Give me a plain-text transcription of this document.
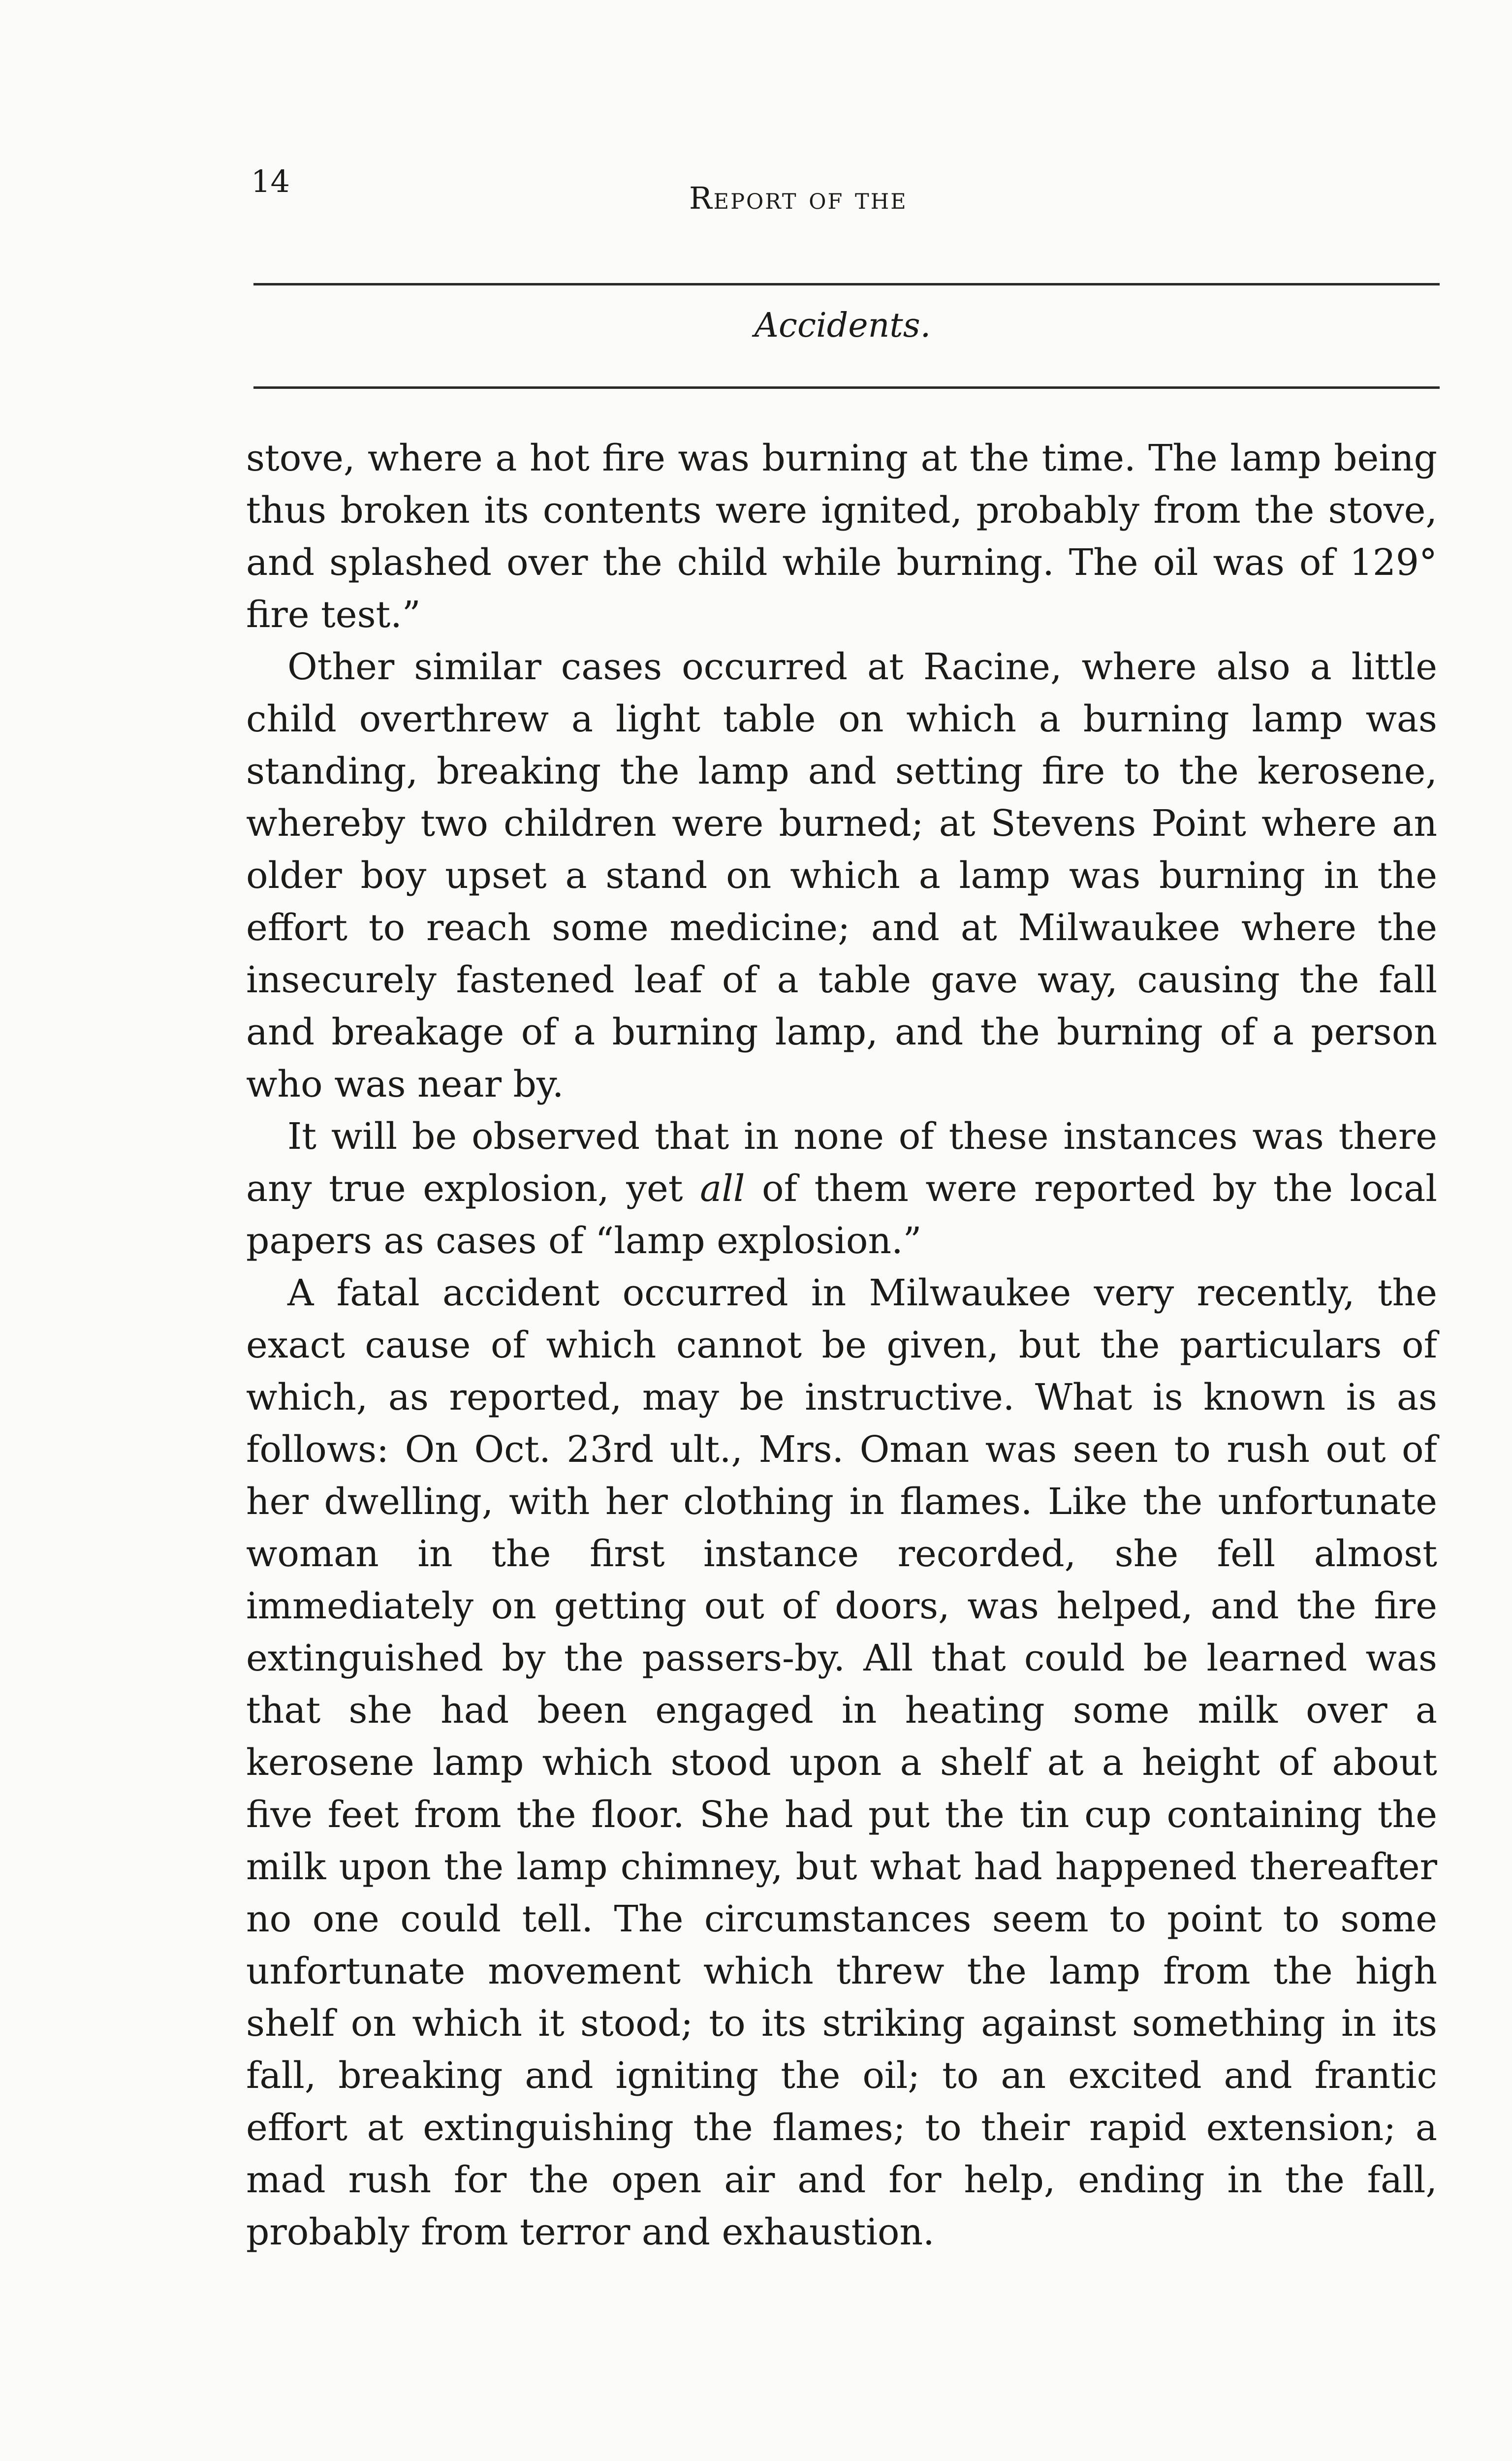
14	Report of the
Accidents.

stove, where a hot fire was burning at the time. The lamp being thus broken its contents were ignited, probably from the stove, and splashed over the child while burning. The oil was of 129° fire test.”

Other similar cases occurred at Racine, where also a little child overthrew a light table on which a burning lamp was standing, breaking the lamp and setting fire to the kerosene, whereby two children were burned; at Stevens Point where an older boy upset a stand on which a lamp was burning in the effort to reach some medicine; and at Milwaukee where the insecurely fastened leaf of a table gave way, causing the fall and breakage of a burning lamp, and the burning of a person who was near by.

It will be observed that in none of these instances was there any true explosion, yet all of them were reported by the local papers as cases of “lamp explosion.”

A fatal accident occurred in Milwaukee very recently, the exact cause of which cannot be given, but the particulars of which, as reported, may be instructive. What is known is as follows: On Oct. 23rd ult., Mrs. Oman was seen to rush out of her dwelling, with her clothing in flames. Like the unfortunate woman in the first instance recorded, she fell almost immediately on getting out of doors, was helped, and the fire extinguished by the passers-by. All that could be learned was that she had been engaged in heating some milk over a kerosene lamp which stood upon a shelf at a height of about five feet from the floor. She had put the tin cup containing the milk upon the lamp chimney, but what had happened thereafter no one could tell. The circumstances seem to point to some unfortunate movement which threw the lamp from the high shelf on which it stood; to its striking against something in its fall, breaking and igniting the oil; to an excited and frantic effort at extinguishing the flames; to their rapid extension; a mad rush for the open air and for help, ending in the fall, probably from terror and exhaustion.
